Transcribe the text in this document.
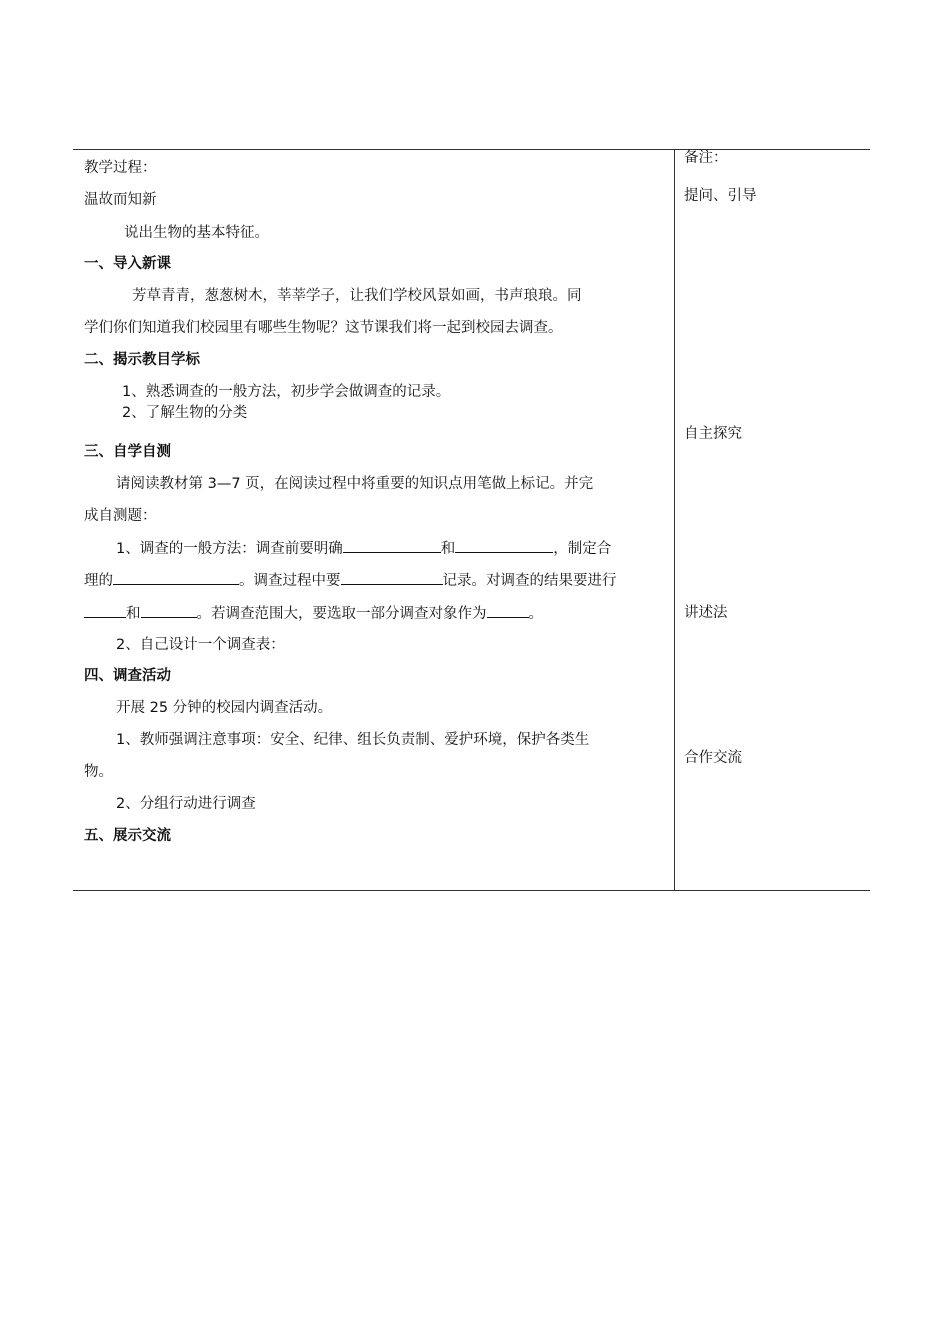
教学过程：
温故而知新
说出生物的基本特征。
一、导入新课
芳草青青，葱葱树木，莘莘学子，让我们学校风景如画，书声琅琅。同
学们你们知道我们校园里有哪些生物呢？这节课我们将一起到校园去调查。
二、揭示教目学标
1、熟悉调查的一般方法，初步学会做调查的记录。
2、了解生物的分类
三、自学自测
请阅读教材第 3—7 页，在阅读过程中将重要的知识点用笔做上标记。并完
成自测题：
1、调查的一般方法：调查前要明确	和	，制定合
理的	。调查过程中要	记录。对调查的结果要进行
和	。若调查范围大，要选取一部分调查对象作为	。
2、自己设计一个调查表：
四、调查活动
开展 25 分钟的校园内调查活动。
1、教师强调注意事项：安全、纪律、组长负责制、爱护环境，保护各类生
物。
2、分组行动进行调查
五、展示交流
备注：
提问、引导
自主探究
讲述法
合作交流
